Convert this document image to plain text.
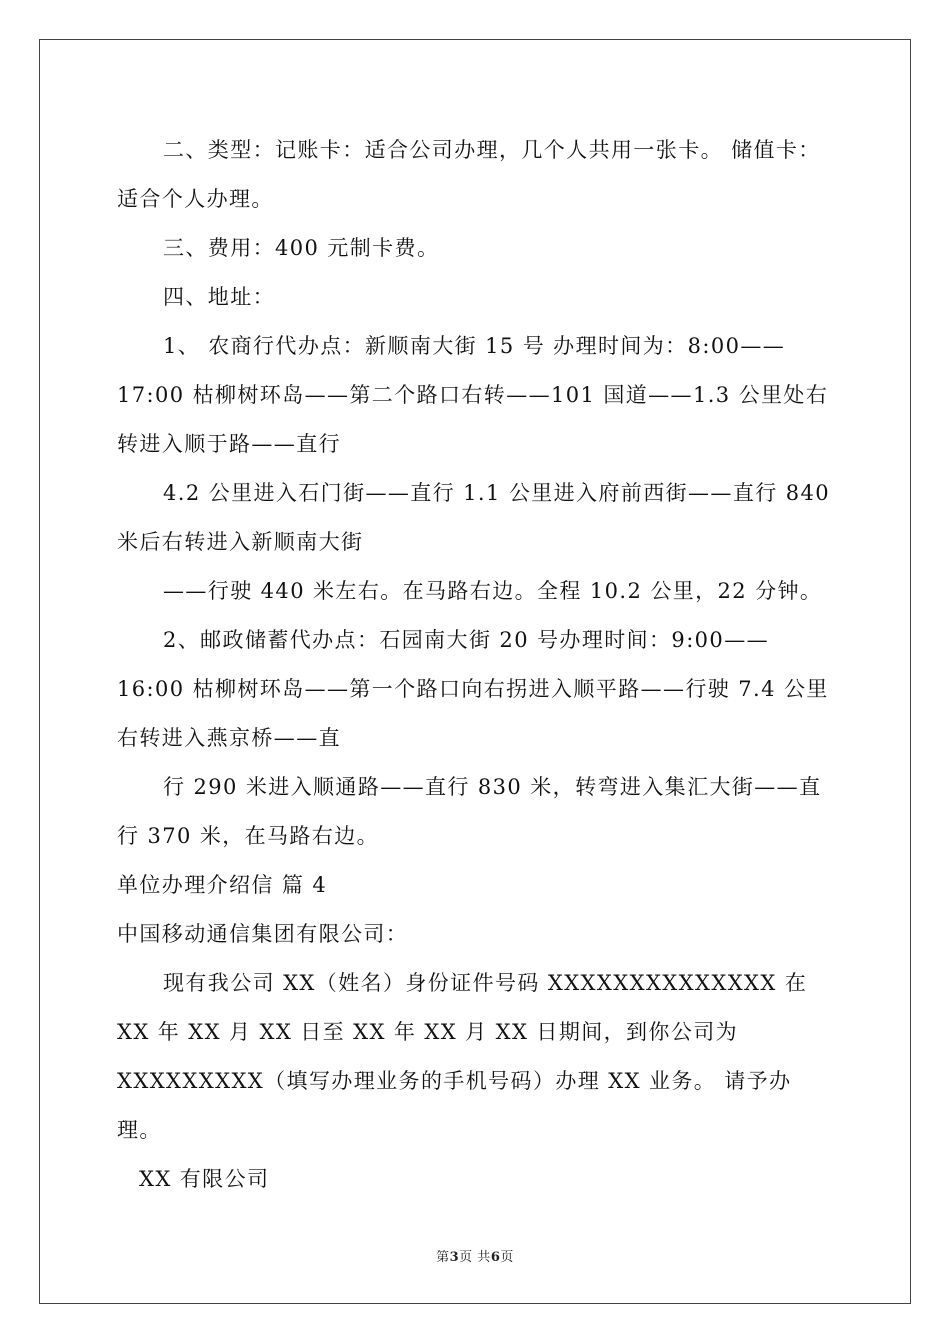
二、类型：记账卡：适合公司办理，几个人共用一张卡。 储值卡：适合个人办理。

三、费用：400 元制卡费。

四、地址：

1、 农商行代办点：新顺南大街 15 号 办理时间为：8:00——17:00 枯柳树环岛——第二个路口右转——101 国道——1.3 公里处右转进入顺于路——直行

4.2 公里进入石门街——直行 1.1 公里进入府前西街——直行 840 米后右转进入新顺南大街

——行驶 440 米左右。在马路右边。全程 10.2 公里，22 分钟。

2、邮政储蓄代办点：石园南大街 20 号办理时间：9:00——16:00 枯柳树环岛——第一个路口向右拐进入顺平路——行驶 7.4 公里右转进入燕京桥——直

行 290 米进入顺通路——直行 830 米，转弯进入集汇大街——直行 370 米，在马路右边。

单位办理介绍信 篇 4

中国移动通信集团有限公司：

现有我公司 XX（姓名）身份证件号码 XXXXXXXXXXXXXX 在 XX 年 XX 月 XX 日至 XX 年 XX 月 XX 日期间，到你公司为 XXXXXXXXX（填写办理业务的手机号码）办理 XX 业务。 请予办理。

XX 有限公司

第3页 共6页
